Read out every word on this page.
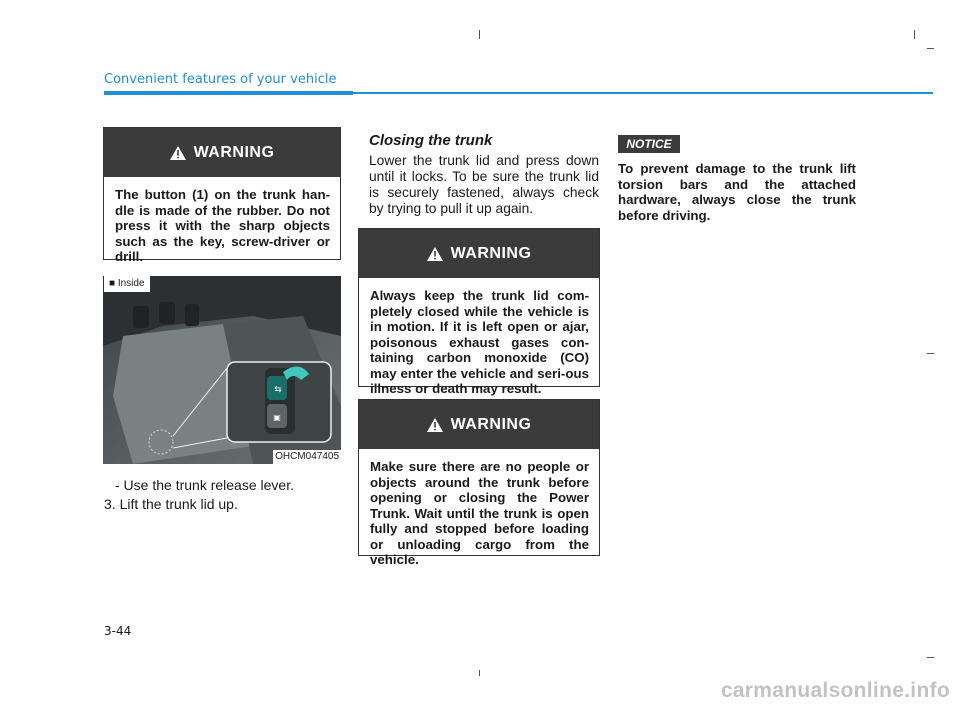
Convenient features of your vehicle
WARNING
The button (1) on the trunk han-dle is made of the rubber. Do not press it with the sharp objects such as the key, screw-driver or drill.
■ Inside
⇆
▣
OHCM047405
- Use the trunk release lever.
3. Lift the trunk lid up.
Closing the trunk
Lower the trunk lid and press down until it locks. To be sure the trunk lid is securely fastened, always check by trying to pull it up again.
WARNING
Always keep the trunk lid com-pletely closed while the vehicle is in motion. If it is left open or ajar, poisonous exhaust gases con-taining carbon monoxide (CO) may enter the vehicle and seri-ous illness or death may result.
WARNING
Make sure there are no people or objects around the trunk before opening or closing the Power Trunk. Wait until the trunk is open fully and stopped before loading or unloading cargo from the vehicle.
NOTICE
To prevent damage to the trunk lift torsion bars and the attached hardware, always close the trunk before driving.
3-44
carmanualsonline.info
